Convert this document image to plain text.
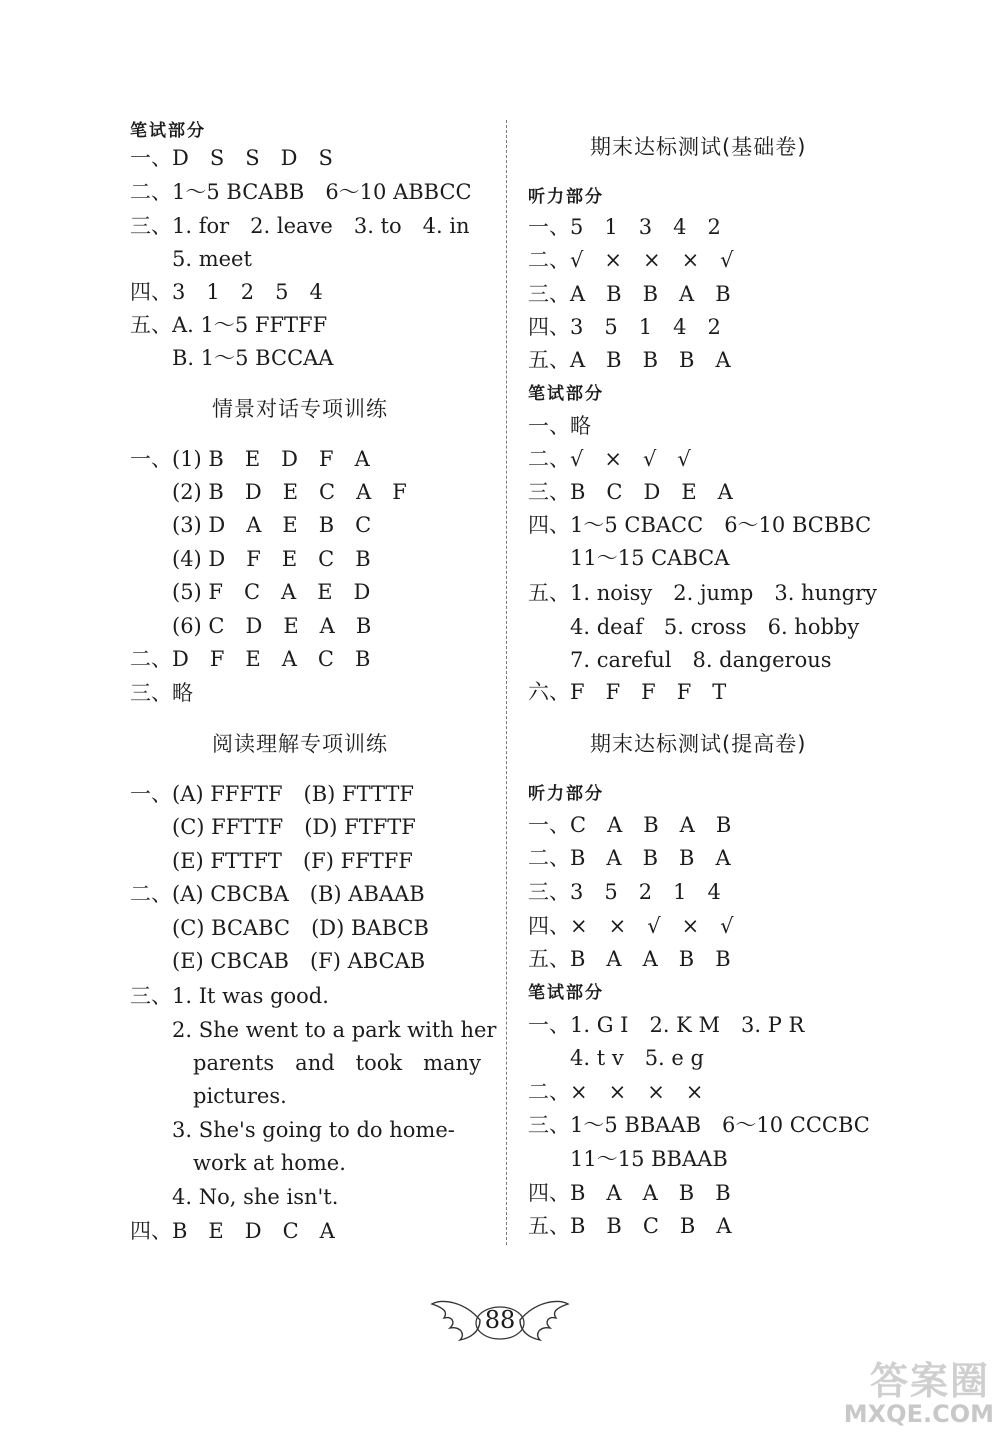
笔试部分
一、D　S　S　D　S
二、1～5 BCABB　6～10 ABBCC
三、1. for　2. leave　3. to　4. in
　　5. meet
四、3　1　2　5　4
五、A. 1～5 FFTFF
　　B. 1～5 BCCAA
情景对话专项训练
一、(1) B　E　D　F　A
　　(2) B　D　E　C　A　F
　　(3) D　A　E　B　C
　　(4) D　F　E　C　B
　　(5) F　C　A　E　D
　　(6) C　D　E　A　B
二、D　F　E　A　C　B
三、略
阅读理解专项训练
一、(A) FFFTF　(B) FTTTF
　　(C) FFTTF　(D) FTFTF
　　(E) FTTFT　(F) FFTFF
二、(A) CBCBA　(B) ABAAB
　　(C) BCABC　(D) BABCB
　　(E) CBCAB　(F) ABCAB
三、1. It was good.
　　2. She went to a park with her
　　　parents　and　took　many
　　　pictures.
　　3. She's going to do home-
　　　work at home.
　　4. No, she isn't.
四、B　E　D　C　A
期末达标测试(基础卷)
听力部分
一、5　1　3　4　2
二、√　×　×　×　√
三、A　B　B　A　B
四、3　5　1　4　2
五、A　B　B　B　A
笔试部分
一、略
二、√　×　√　√
三、B　C　D　E　A
四、1～5 CBACC　6～10 BCBBC
　　11～15 CABCA
五、1. noisy　2. jump　3. hungry
　　4. deaf　5. cross　6. hobby
　　7. careful　8. dangerous
六、F　F　F　F　T
期末达标测试(提高卷)
听力部分
一、C　A　B　A　B
二、B　A　B　B　A
三、3　5　2　1　4
四、×　×　√　×　√
五、B　A　A　B　B
笔试部分
一、1. G I　2. K M　3. P R
　　4. t v　5. e g
二、×　×　×　×
三、1～5 BBAAB　6～10 CCCBC
　　11～15 BBAAB
四、B　A　A　B　B
五、B　B　C　B　A
88
答案圈
MXQE.COM
